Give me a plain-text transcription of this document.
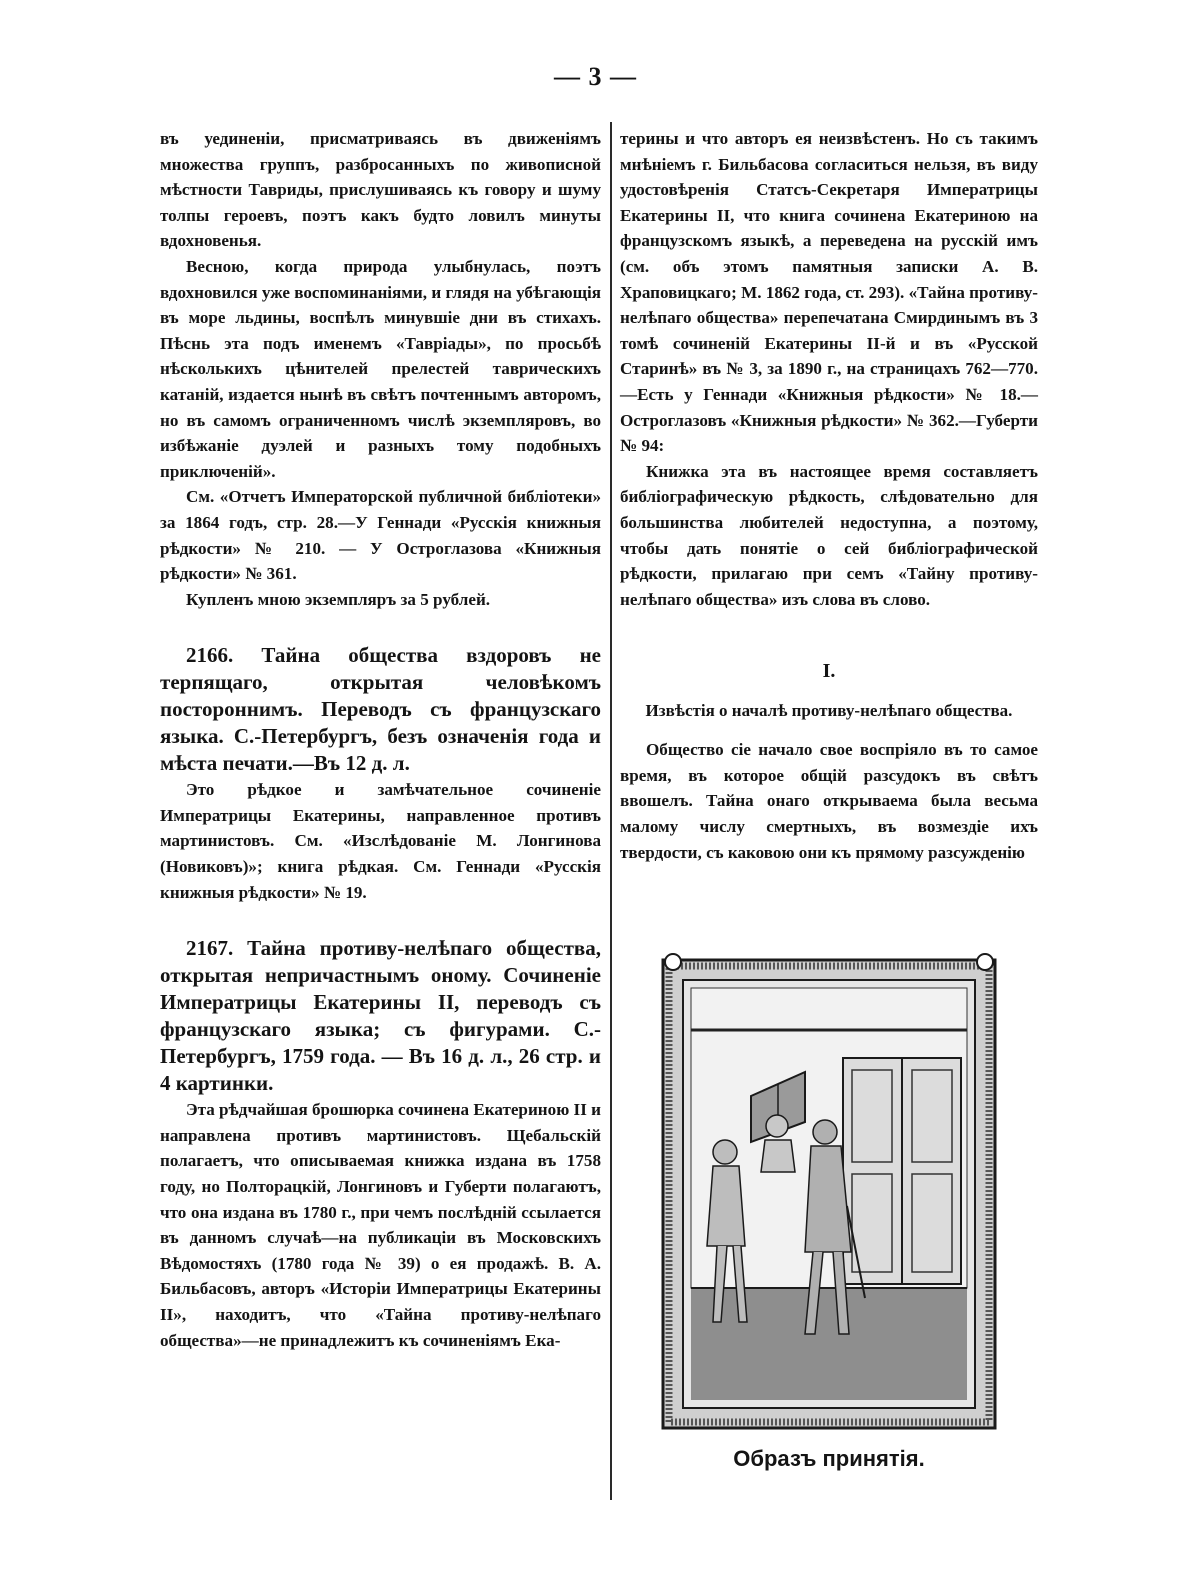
— 3 —

въ уединеніи, присматриваясь въ движеніямъ множества группъ, разбросанныхъ по живописной мѣстности Тавриды, прислушиваясь къ говору и шуму толпы героевъ, поэтъ какъ будто ловилъ минуты вдохновенья.

Весною, когда природа улыбнулась, поэтъ вдохновился уже воспоминаніями, и глядя на убѣгающія въ море льдины, воспѣлъ минувшіе дни въ стихахъ. Пѣснь эта подъ именемъ «Тавріады», по просьбѣ нѣсколькихъ цѣнителей прелестей таврическихъ катаній, издается нынѣ въ свѣтъ почтеннымъ авторомъ, но въ самомъ ограниченномъ числѣ экземпляровъ, во избѣжаніе дуэлей и разныхъ тому подобныхъ приключеній».

См. «Отчетъ Императорской публичной библіотеки» за 1864 годъ, стр. 28.—У Геннади «Русскія книжныя рѣдкости» № 210. — У Остроглазова «Книжныя рѣдкости» № 361.

Купленъ мною экземпляръ за 5 рублей.

2166. Тайна общества вздоровъ не терпящаго, открытая человѣкомъ постороннимъ. Переводъ съ французскаго языка. С.-Петербургъ, безъ означенія года и мѣста печати.—Въ 12 д. л.

Это рѣдкое и замѣчательное сочиненіе Императрицы Екатерины, направленное противъ мартинистовъ. См. «Изслѣдованіе М. Лонгинова (Новиковъ)»; книга рѣдкая. См. Геннади «Русскія книжныя рѣдкости» № 19.

2167. Тайна противу-нелѣпаго общества, открытая непричастнымъ оному. Сочиненіе Императрицы Екатерины II, переводъ съ французскаго языка; съ фигурами. С.-Петербургъ, 1759 года. — Въ 16 д. л., 26 стр. и 4 картинки.

Эта рѣдчайшая брошюрка сочинена Екатериною II и направлена противъ мартинистовъ. Щебальскій полагаетъ, что описываемая книжка издана въ 1758 году, но Полторацкій, Лонгиновъ и Губерти полагаютъ, что она издана въ 1780 г., при чемъ послѣдній ссылается въ данномъ случаѣ—на публикаціи въ Московскихъ Вѣдомостяхъ (1780 года № 39) о ея продажѣ. В. А. Бильбасовъ, авторъ «Исторіи Императрицы Екатерины II», находитъ, что «Тайна противу-нелѣпаго общества»—не принадлежитъ къ сочиненіямъ Ека-

терины и что авторъ ея неизвѣстенъ. Но съ такимъ мнѣніемъ г. Бильбасова согласиться нельзя, въ виду удостовѣренія Статсъ-Секретаря Императрицы Екатерины II, что книга сочинена Екатериною на французскомъ языкѣ, а переведена на русскій имъ (см. объ этомъ памятныя записки А. В. Храповицкаго; М. 1862 года, ст. 293). «Тайна противу-нелѣпаго общества» перепечатана Смирдинымъ въ 3 томѣ сочиненій Екатерины II-й и въ «Русской Старинѣ» въ № 3, за 1890 г., на страницахъ 762—770.—Есть у Геннади «Книжныя рѣдкости» № 18.—Остроглазовъ «Книжныя рѣдкости» № 362.—Губерти № 94:

Книжка эта въ настоящее время составляетъ библіографическую рѣдкость, слѣдовательно для большинства любителей недоступна, а поэтому, чтобы дать понятіе о сей библіографической рѣдкости, прилагаю при семъ «Тайну противу-нелѣпаго общества» изъ слова въ слово.

I.
Извѣстія о началѣ противу-нелѣпаго общества.

Общество сіе начало свое воспріяло въ то самое время, въ которое общій разсудокъ въ свѣтъ ввошелъ. Тайна онаго открываема была весьма малому числу смертныхъ, въ возмездіе ихъ твердости, съ каковою они къ прямому разсужденію

Образъ принятія.
